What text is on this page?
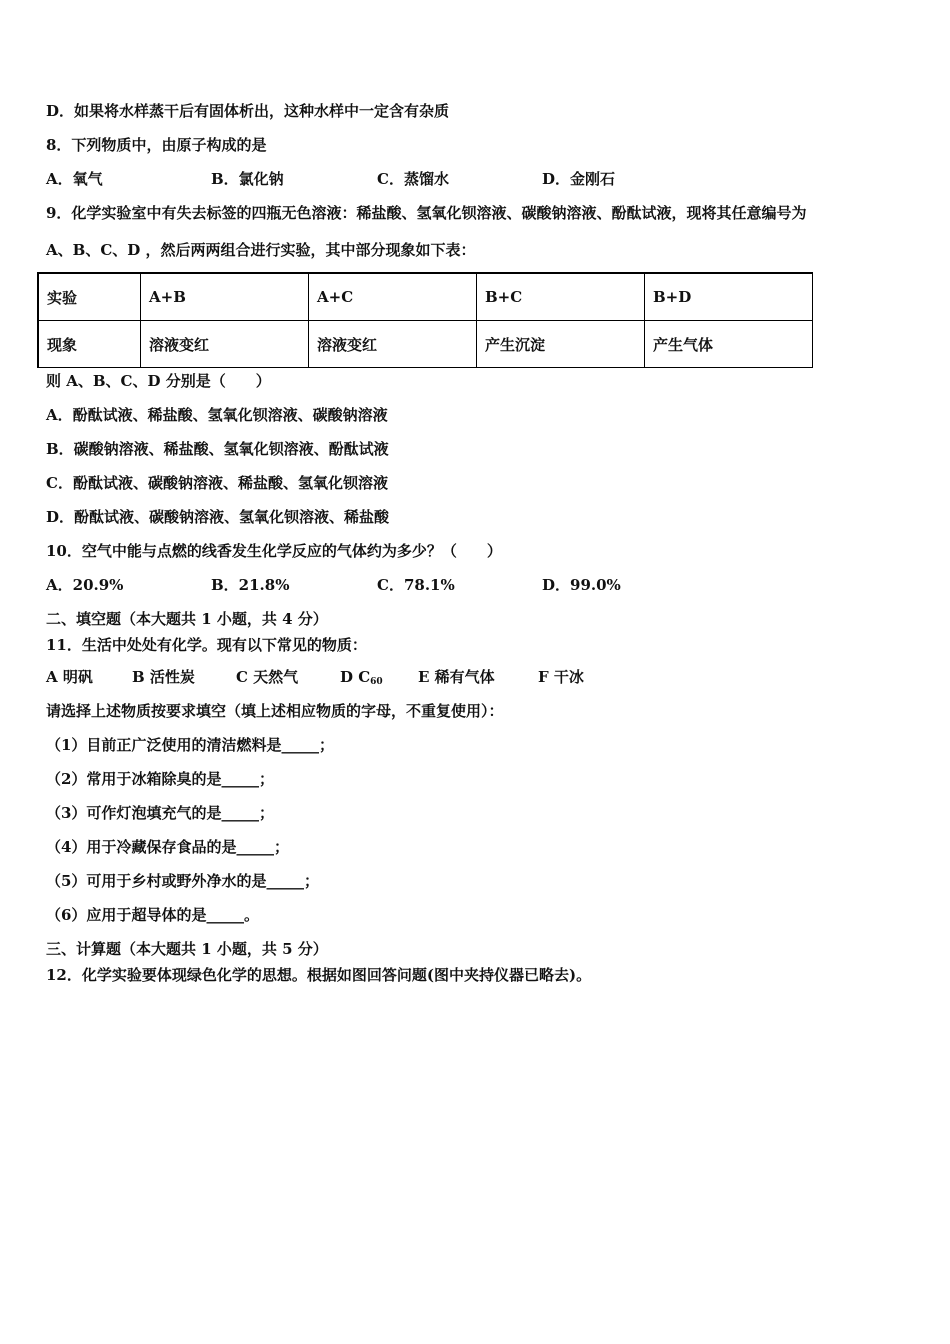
D．如果将水样蒸干后有固体析出，这种水样中一定含有杂质
8．下列物质中，由原子构成的是
A．氧气	B．氯化钠	C．蒸馏水	D．金刚石
9．化学实验室中有失去标签的四瓶无色溶液：稀盐酸、氢氧化钡溶液、碳酸钠溶液、酚酞试液，现将其任意编号为
A、B、C、D ，然后两两组合进行实验，其中部分现象如下表：
实验	A+B	A+C	B+C	B+D
现象	溶液变红	溶液变红	产生沉淀	产生气体
则 A、B、C、D 分别是（　　）
A．酚酞试液、稀盐酸、氢氧化钡溶液、碳酸钠溶液
B．碳酸钠溶液、稀盐酸、氢氧化钡溶液、酚酞试液
C．酚酞试液、碳酸钠溶液、稀盐酸、氢氧化钡溶液
D．酚酞试液、碳酸钠溶液、氢氧化钡溶液、稀盐酸
10．空气中能与点燃的线香发生化学反应的气体约为多少？（　　）
A．20.9%	B．21.8%	C．78.1%	D．99.0%
二、填空题（本大题共 1 小题，共 4 分）
11．生活中处处有化学。现有以下常见的物质：
A 明矾	B 活性炭	C 天然气	D $C_{60}$ E 稀有气体	F 干冰
请选择上述物质按要求填空（填上述相应物质的字母，不重复使用）：
（1）目前正广泛使用的清洁燃料是_____；
（2）常用于冰箱除臭的是_____；
（3）可作灯泡填充气的是_____；
（4）用于冷藏保存食品的是_____；
（5）可用于乡村或野外净水的是_____；
（6）应用于超导体的是_____。
三、计算题（本大题共 1 小题，共 5 分）
12．化学实验要体现绿色化学的思想。根据如图回答问题(图中夹持仪器已略去)。
